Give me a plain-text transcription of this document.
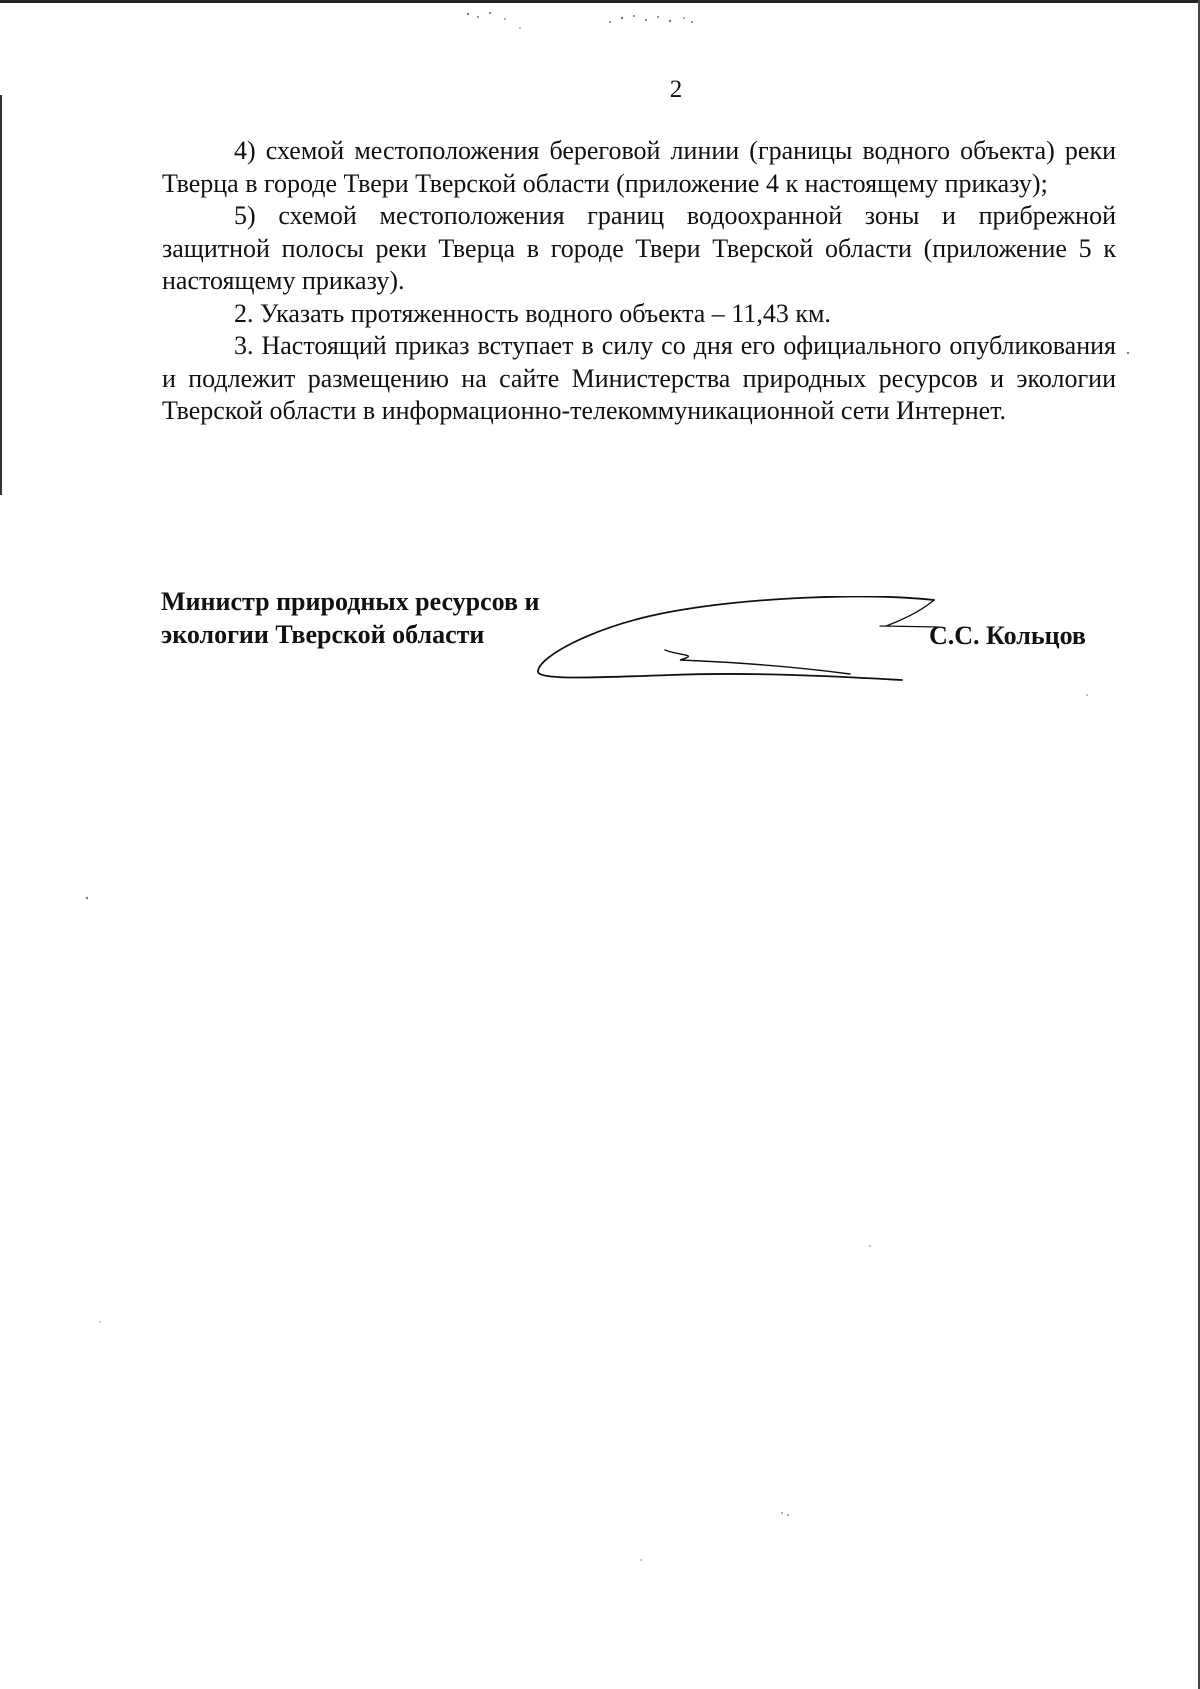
2

4) схемой местоположения береговой линии (границы водного объекта) реки Тверца в городе Твери Тверской области (приложение 4 к настоящему приказу);

5) схемой местоположения границ водоохранной зоны и прибрежной защитной полосы реки Тверца в городе Твери Тверской области (приложение 5 к настоящему приказу).

2. Указать протяженность водного объекта – 11,43 км.

3. Настоящий приказ вступает в силу со дня его официального опубликования и подлежит размещению на сайте Министерства природных ресурсов и экологии Тверской области в информационно-телекоммуникационной сети Интернет.

Министр природных ресурсов и
экологии Тверской области	С.С. Кольцов
